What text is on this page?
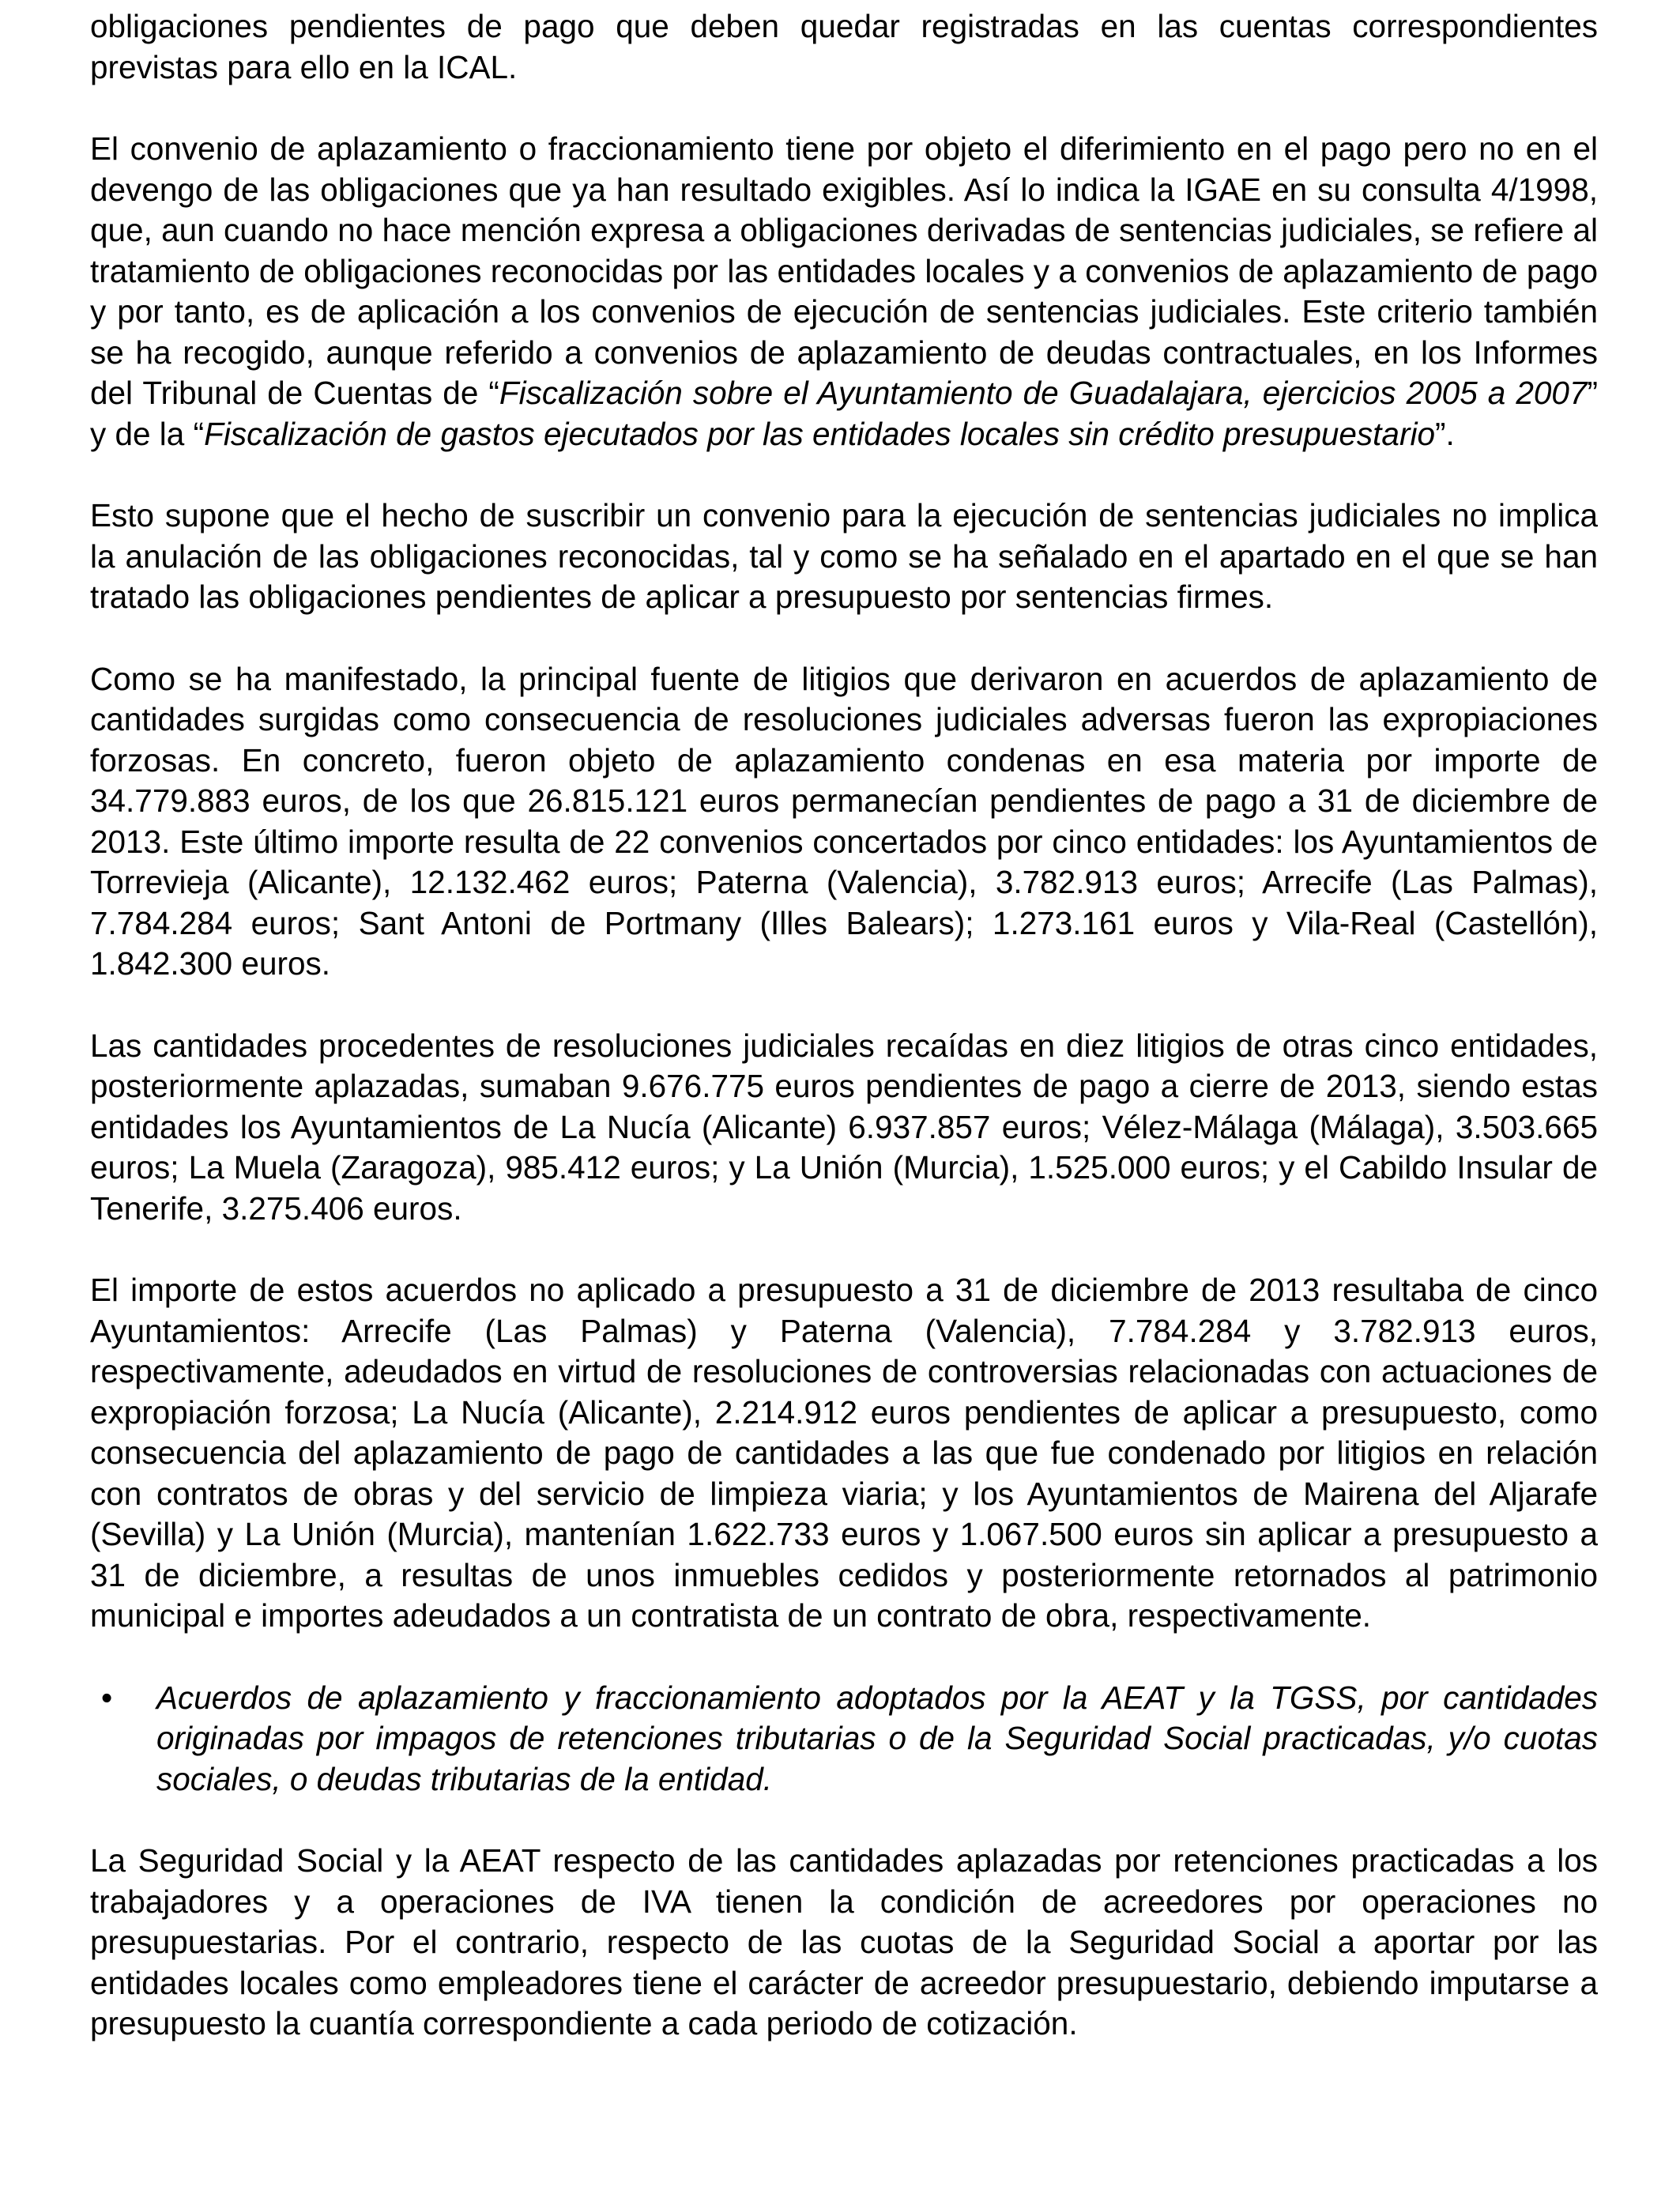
obligaciones pendientes de pago que deben quedar registradas en las cuentas correspondientes previstas para ello en la ICAL.

El convenio de aplazamiento o fraccionamiento tiene por objeto el diferimiento en el pago pero no en el devengo de las obligaciones que ya han resultado exigibles. Así lo indica la IGAE en su consulta 4/1998, que, aun cuando no hace mención expresa a obligaciones derivadas de sentencias judiciales, se refiere al tratamiento de obligaciones reconocidas por las entidades locales y a convenios de aplazamiento de pago y por tanto, es de aplicación a los convenios de ejecución de sentencias judiciales. Este criterio también se ha recogido, aunque referido a convenios de aplazamiento de deudas contractuales, en los Informes del Tribunal de Cuentas de “Fiscalización sobre el Ayuntamiento de Guadalajara, ejercicios 2005 a 2007” y de la “Fiscalización de gastos ejecutados por las entidades locales sin crédito presupuestario”.

Esto supone que el hecho de suscribir un convenio para la ejecución de sentencias judiciales no implica la anulación de las obligaciones reconocidas, tal y como se ha señalado en el apartado en el que se han tratado las obligaciones pendientes de aplicar a presupuesto por sentencias firmes.

Como se ha manifestado, la principal fuente de litigios que derivaron en acuerdos de aplazamiento de cantidades surgidas como consecuencia de resoluciones judiciales adversas fueron las expropiaciones forzosas. En concreto, fueron objeto de aplazamiento condenas en esa materia por importe de 34.779.883 euros, de los que 26.815.121 euros permanecían pendientes de pago a 31 de diciembre de 2013. Este último importe resulta de 22 convenios concertados por cinco entidades: los Ayuntamientos de Torrevieja (Alicante), 12.132.462 euros; Paterna (Valencia), 3.782.913 euros; Arrecife (Las Palmas), 7.784.284 euros; Sant Antoni de Portmany (Illes Balears); 1.273.161 euros y Vila-Real (Castellón), 1.842.300 euros.

Las cantidades procedentes de resoluciones judiciales recaídas en diez litigios de otras cinco entidades, posteriormente aplazadas, sumaban 9.676.775 euros pendientes de pago a cierre de 2013, siendo estas entidades los Ayuntamientos de La Nucía (Alicante) 6.937.857 euros; Vélez-Málaga (Málaga), 3.503.665 euros; La Muela (Zaragoza), 985.412 euros; y La Unión (Murcia), 1.525.000 euros; y el Cabildo Insular de Tenerife, 3.275.406 euros.

El importe de estos acuerdos no aplicado a presupuesto a 31 de diciembre de 2013 resultaba de cinco Ayuntamientos: Arrecife (Las Palmas) y Paterna (Valencia), 7.784.284 y 3.782.913 euros, respectivamente, adeudados en virtud de resoluciones de controversias relacionadas con actuaciones de expropiación forzosa; La Nucía (Alicante), 2.214.912 euros pendientes de aplicar a presupuesto, como consecuencia del aplazamiento de pago de cantidades a las que fue condenado por litigios en relación con contratos de obras y del servicio de limpieza viaria; y los Ayuntamientos de Mairena del Aljarafe (Sevilla) y La Unión (Murcia), mantenían 1.622.733 euros y 1.067.500 euros sin aplicar a presupuesto a 31 de diciembre, a resultas de unos inmuebles cedidos y posteriormente retornados al patrimonio municipal e importes adeudados a un contratista de un contrato de obra, respectivamente.

• Acuerdos de aplazamiento y fraccionamiento adoptados por la AEAT y la TGSS, por cantidades originadas por impagos de retenciones tributarias o de la Seguridad Social practicadas, y/o cuotas sociales, o deudas tributarias de la entidad.

La Seguridad Social y la AEAT respecto de las cantidades aplazadas por retenciones practicadas a los trabajadores y a operaciones de IVA tienen la condición de acreedores por operaciones no presupuestarias. Por el contrario, respecto de las cuotas de la Seguridad Social a aportar por las entidades locales como empleadores tiene el carácter de acreedor presupuestario, debiendo imputarse a presupuesto la cuantía correspondiente a cada periodo de cotización.
